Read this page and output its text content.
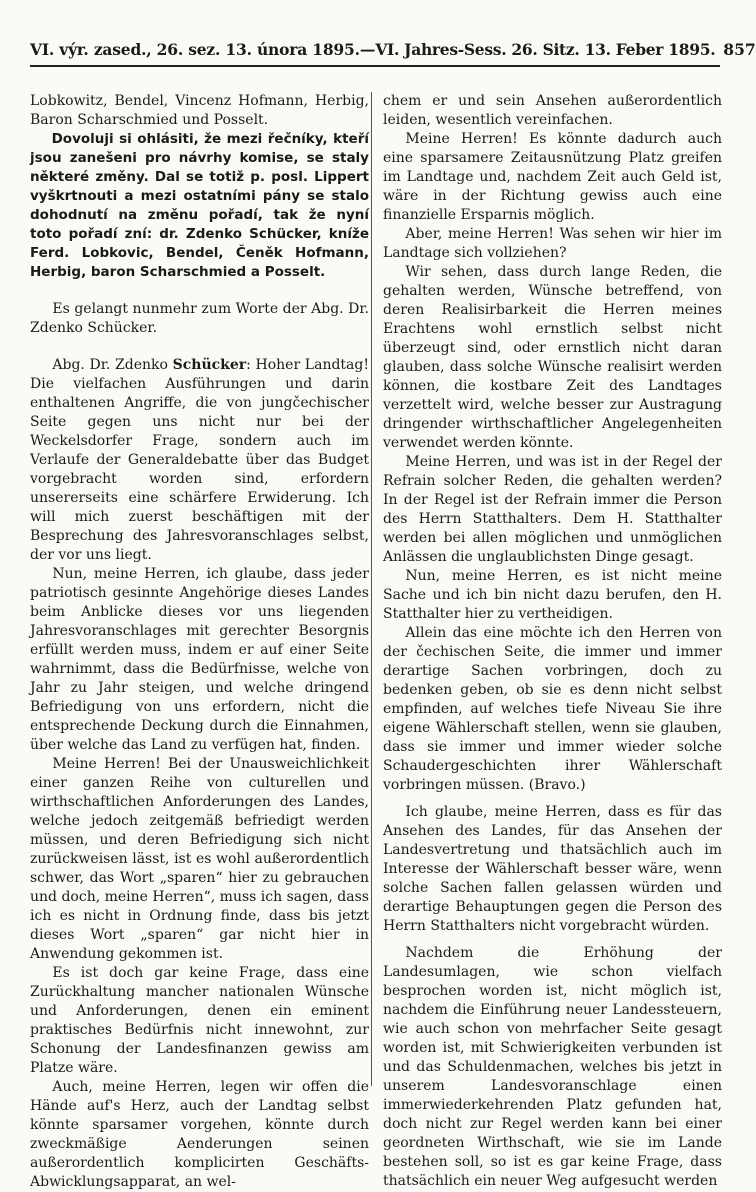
VI. výr. zased., 26. sez. 13. února 1895. — VI. Jahres-Sess. 26. Sitz. 13. Feber 1895. 857

Lobkowitz, Bendel, Vincenz Hofmann, Herbig, Baron Scharschmied und Posselt.

Dovoluji si ohlásiti, že mezi řečníky, kteří jsou zanešeni pro návrhy komise, se staly některé změny. Dal se totiž p. posl. Lippert vyškrtnouti a mezi ostatními pány se stalo dohodnutí na změnu pořadí, tak že nyní toto pořadí zní: dr. Zdenko Schücker, kníže Ferd. Lobkovic, Bendel, Čeněk Hofmann, Herbig, baron Scharschmied a Posselt.

Es gelangt nunmehr zum Worte der Abg. Dr. Zdenko Schücker.

Abg. Dr. Zdenko Schücker: Hoher Landtag! Die vielfachen Ausführungen und darin enthaltenen Angriffe, die von jungčechischer Seite gegen uns nicht nur bei der Weckelsdorfer Frage, sondern auch im Verlaufe der Generaldebatte über das Budget vorgebracht worden sind, erfordern unsererseits eine schärfere Erwiderung. Ich will mich zuerst beschäftigen mit der Besprechung des Jahresvoranschlages selbst, der vor uns liegt.

Nun, meine Herren, ich glaube, dass jeder patriotisch gesinnte Angehörige dieses Landes beim Anblicke dieses vor uns liegenden Jahresvoranschlages mit gerechter Besorgnis erfüllt werden muss, indem er auf einer Seite wahrnimmt, dass die Bedürfnisse, welche von Jahr zu Jahr steigen, und welche dringend Befriedigung von uns erfordern, nicht die entsprechende Deckung durch die Einnahmen, über welche das Land zu verfügen hat, finden.

Meine Herren! Bei der Unausweichlichkeit einer ganzen Reihe von culturellen und wirthschaftlichen Anforderungen des Landes, welche jedoch zeitgemäß befriedigt werden müssen, und deren Befriedigung sich nicht zurückweisen lässt, ist es wohl außerordentlich schwer, das Wort „sparen“ hier zu gebrauchen und doch, meine Herren“, muss ich sagen, dass ich es nicht in Ordnung finde, dass bis jetzt dieses Wort „sparen“ gar nicht hier in Anwendung gekommen ist.

Es ist doch gar keine Frage, dass eine Zurückhaltung mancher nationalen Wünsche und Anforderungen, denen ein eminent praktisches Bedürfnis nicht innewohnt, zur Schonung der Landesfinanzen gewiss am Platze wäre.

Auch, meine Herren, legen wir offen die Hände auf's Herz, auch der Landtag selbst könnte sparsamer vorgehen, könnte durch zweckmäßige Aenderungen seinen außerordentlich komplicirten Geschäfts-Abwicklungsapparat, an wel-

chem er und sein Ansehen außerordentlich leiden, wesentlich vereinfachen.

Meine Herren! Es könnte dadurch auch eine sparsamere Zeitausnützung Platz greifen im Landtage und, nachdem Zeit auch Geld ist, wäre in der Richtung gewiss auch eine finanzielle Ersparnis möglich.

Aber, meine Herren! Was sehen wir hier im Landtage sich vollziehen?

Wir sehen, dass durch lange Reden, die gehalten werden, Wünsche betreffend, von deren Realisirbarkeit die Herren meines Erachtens wohl ernstlich selbst nicht überzeugt sind, oder ernstlich nicht daran glauben, dass solche Wünsche realisirt werden können, die kostbare Zeit des Landtages verzettelt wird, welche besser zur Austragung dringender wirthschaftlicher Angelegenheiten verwendet werden könnte.

Meine Herren, und was ist in der Regel der Refrain solcher Reden, die gehalten werden? In der Regel ist der Refrain immer die Person des Herrn Statthalters. Dem H. Statthalter werden bei allen möglichen und unmöglichen Anlässen die unglaublichsten Dinge gesagt.

Nun, meine Herren, es ist nicht meine Sache und ich bin nicht dazu berufen, den H. Statthalter hier zu vertheidigen.

Allein das eine möchte ich den Herren von der čechischen Seite, die immer und immer derartige Sachen vorbringen, doch zu bedenken geben, ob sie es denn nicht selbst empfinden, auf welches tiefe Niveau Sie ihre eigene Wählerschaft stellen, wenn sie glauben, dass sie immer und immer wieder solche Schaudergeschichten ihrer Wählerschaft vorbringen müssen. (Bravo.)

Ich glaube, meine Herren, dass es für das Ansehen des Landes, für das Ansehen der Landesvertretung und thatsächlich auch im Interesse der Wählerschaft besser wäre, wenn solche Sachen fallen gelassen würden und derartige Behauptungen gegen die Person des Herrn Statthalters nicht vorgebracht würden.

Nachdem die Erhöhung der Landesumlagen, wie schon vielfach besprochen worden ist, nicht möglich ist, nachdem die Einführung neuer Landessteuern, wie auch schon von mehrfacher Seite gesagt worden ist, mit Schwierigkeiten verbunden ist und das Schuldenmachen, welches bis jetzt in unserem Landesvoranschlage einen immerwiederkehrenden Platz gefunden hat, doch nicht zur Regel werden kann bei einer geordneten Wirthschaft, wie sie im Lande bestehen soll, so ist es gar keine Frage, dass thatsächlich ein neuer Weg aufgesucht werden
